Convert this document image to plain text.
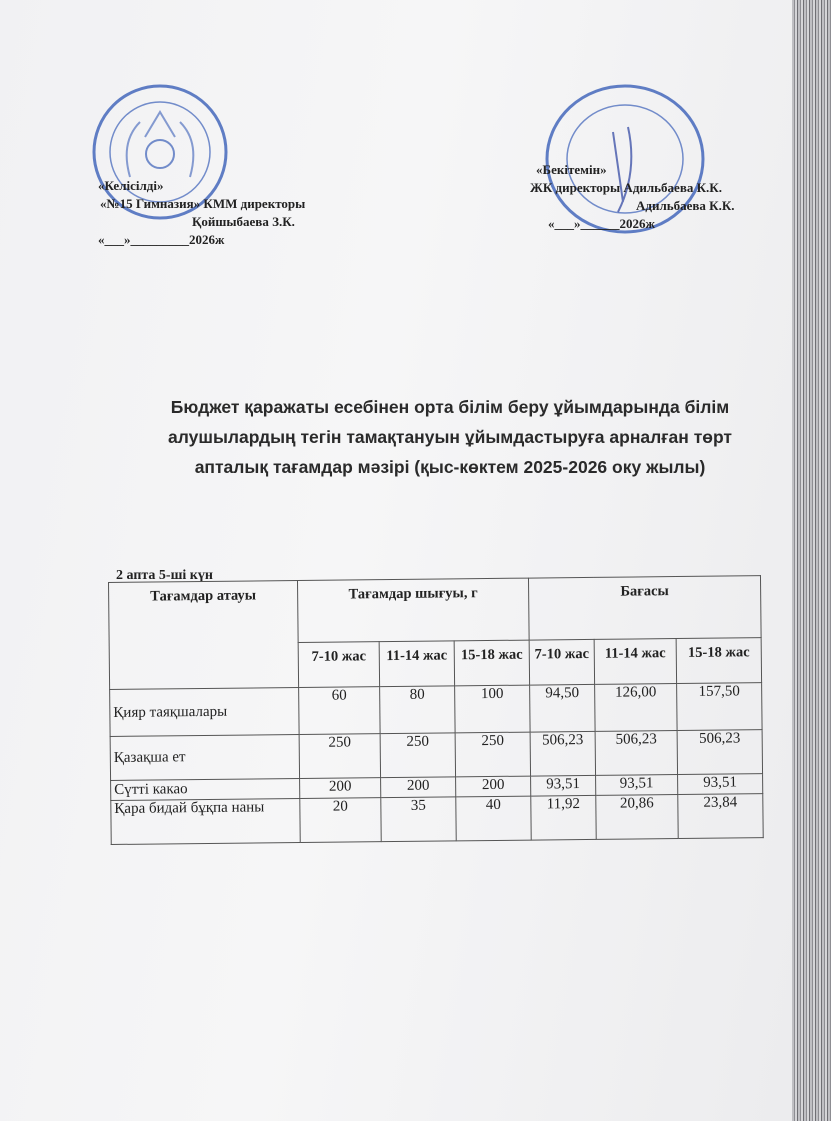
«Келісілді»
«№15 Гимназия» КММ директоры
Қойшыбаева З.К.
«___»_________2026ж
«Бекітемін»
ЖК директоры Адильбаева К.К.
Адильбаева К.К.
«___»______2026ж
Бюджет қаражаты есебінен орта білім беру ұйымдарында білім
алушылардың тегін тамақтануын ұйымдастыруға арналған төрт
апталық тағамдар мәзірі (қыс-көктем 2025-2026 оку жылы)
2 апта 5-ші күн
Тағамдар атауы	Тағамдар шығуы, г			Бағасы		
	7-10 жас	11-14 жас	15-18 жас	7-10 жас	11-14 жас	15-18 жас
Қияр таяқшалары	60	80	100	94,50	126,00	157,50
Қазақша ет	250	250	250	506,23	506,23	506,23
Сүтті какао	200	200	200	93,51	93,51	93,51
Қара бидай бұқпа наны	20	35	40	11,92	20,86	23,84
